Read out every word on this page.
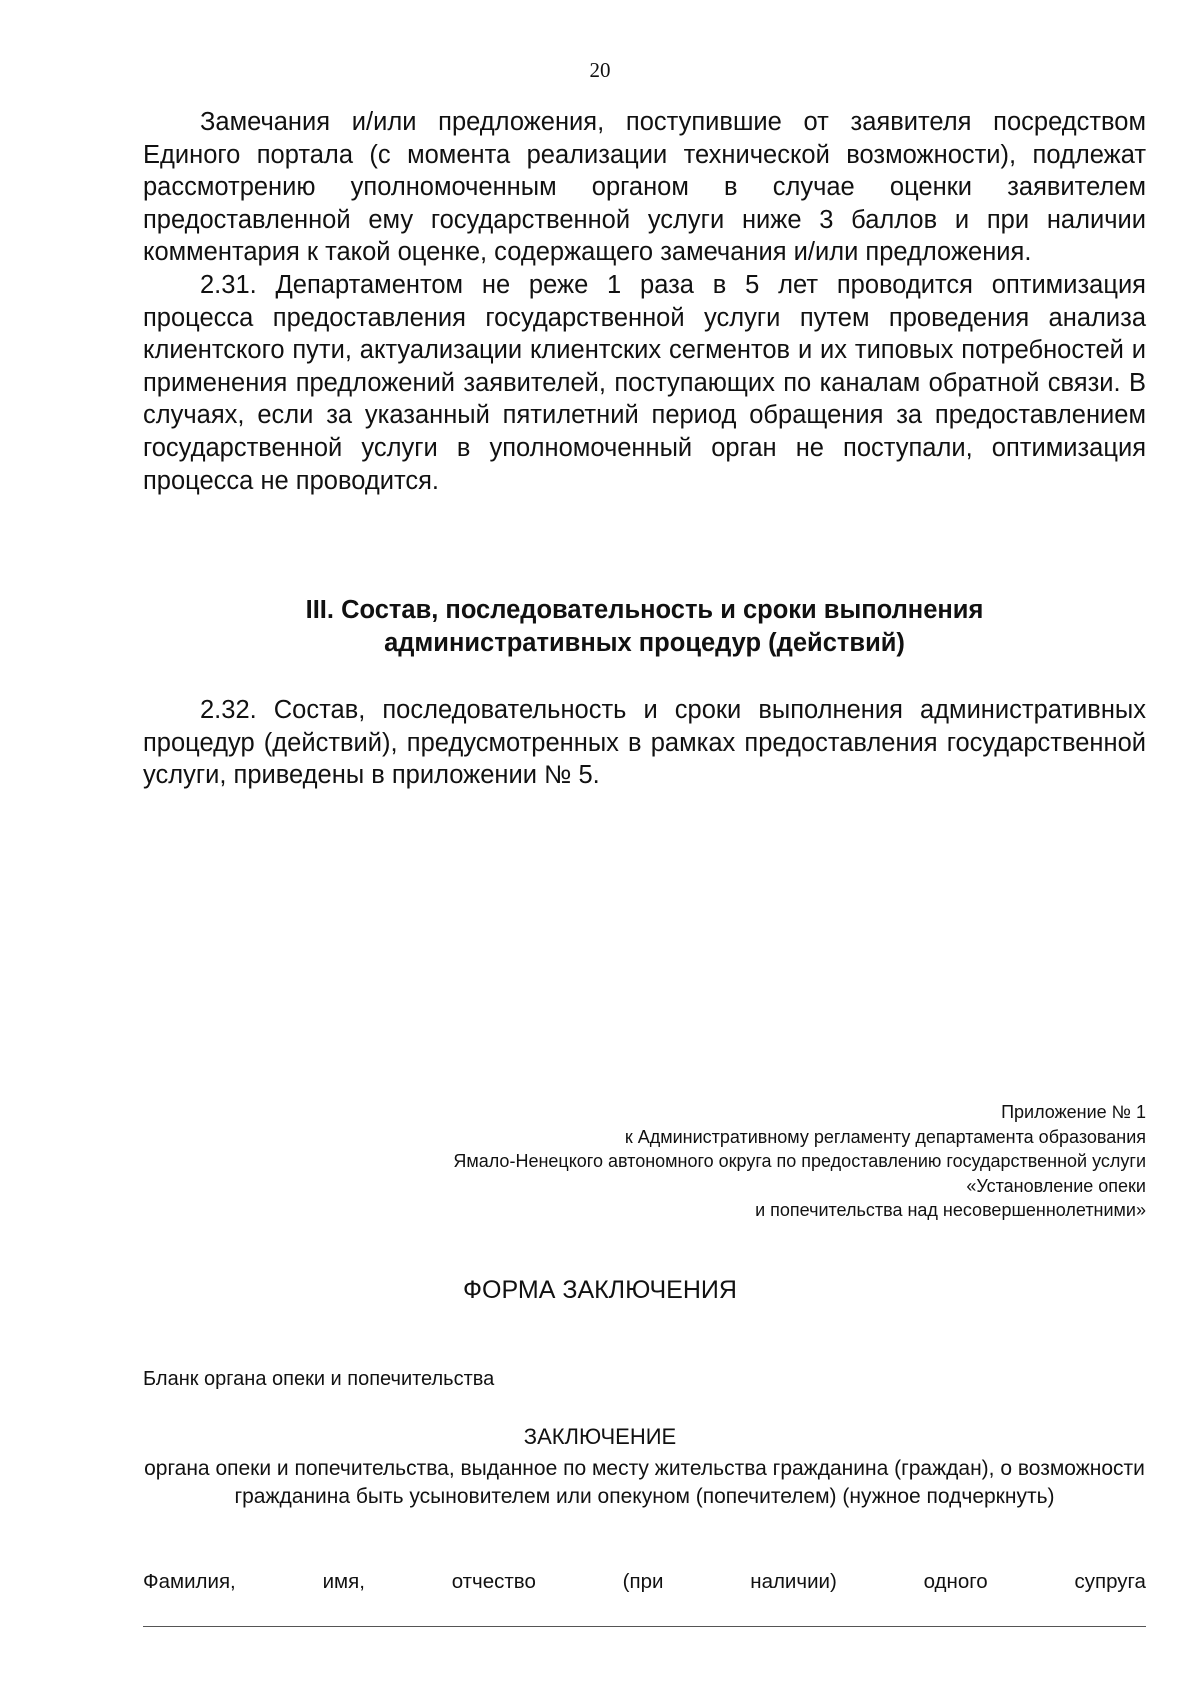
20

Замечания и/или предложения, поступившие от заявителя посредством Единого портала (с момента реализации технической возможности), подлежат рассмотрению уполномоченным органом в случае оценки заявителем предоставленной ему государственной услуги ниже 3 баллов и при наличии комментария к такой оценке, содержащего замечания и/или предложения.

2.31. Департаментом не реже 1 раза в 5 лет проводится оптимизация процесса предоставления государственной услуги путем проведения анализа клиентского пути, актуализации клиентских сегментов и их типовых потребностей и применения предложений заявителей, поступающих по каналам обратной связи. В случаях, если за указанный пятилетний период обращения за предоставлением государственной услуги в уполномоченный орган не поступали, оптимизация процесса не проводится.

III. Состав, последовательность и сроки выполнения
административных процедур (действий)

2.32. Состав, последовательность и сроки выполнения административных процедур (действий), предусмотренных в рамках предоставления государственной услуги, приведены в приложении № 5.

Приложение № 1
к Административному регламенту департамента образования
Ямало-Ненецкого автономного округа по предоставлению государственной услуги
«Установление опеки
и попечительства над несовершеннолетними»
ФОРМА ЗАКЛЮЧЕНИЯ
Бланк органа опеки и попечительства
ЗАКЛЮЧЕНИЕ
органа опеки и попечительства, выданное по месту жительства гражданина (граждан), о возможности гражданина быть усыновителем или опекуном (попечителем) (нужное подчеркнуть)
Фамилия,	имя,	отчество	(при	наличии)	одного	супруга
